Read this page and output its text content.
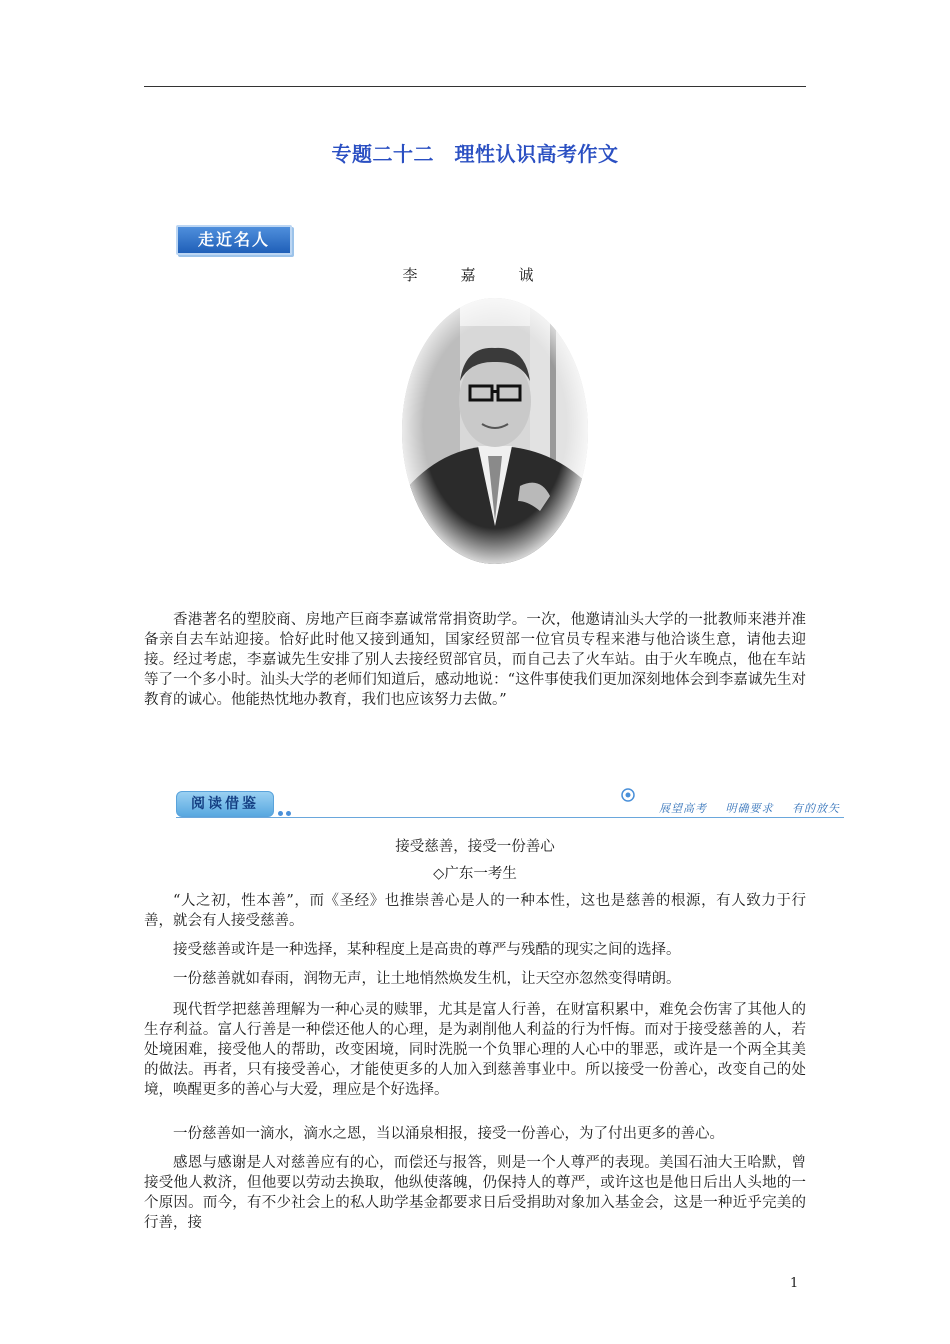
专题二十二　理性认识高考作文
走近名人
李　嘉　诚

香港著名的塑胶商、房地产巨商李嘉诚常常捐资助学。一次，他邀请汕头大学的一批教师来港并准备亲自去车站迎接。恰好此时他又接到通知，国家经贸部一位官员专程来港与他洽谈生意，请他去迎接。经过考虑，李嘉诚先生安排了别人去接经贸部官员，而自己去了火车站。由于火车晚点，他在车站等了一个多小时。汕头大学的老师们知道后，感动地说：“这件事使我们更加深刻地体会到李嘉诚先生对教育的诚心。他能热忱地办教育，我们也应该努力去做。”

阅读借鉴	展望高考 明确要求 有的放矢
接受慈善，接受一份善心
◇广东一考生

“人之初，性本善”，而《圣经》也推崇善心是人的一种本性，这也是慈善的根源，有人致力于行善，就会有人接受慈善。

接受慈善或许是一种选择，某种程度上是高贵的尊严与残酷的现实之间的选择。

一份慈善就如春雨，润物无声，让土地悄然焕发生机，让天空亦忽然变得晴朗。

现代哲学把慈善理解为一种心灵的赎罪，尤其是富人行善，在财富积累中，难免会伤害了其他人的生存利益。富人行善是一种偿还他人的心理，是为剥削他人利益的行为忏悔。而对于接受慈善的人，若处境困难，接受他人的帮助，改变困境，同时洗脱一个负罪心理的人心中的罪恶，或许是一个两全其美的做法。再者，只有接受善心，才能使更多的人加入到慈善事业中。所以接受一份善心，改变自己的处境，唤醒更多的善心与大爱，理应是个好选择。

一份慈善如一滴水，滴水之恩，当以涌泉相报，接受一份善心，为了付出更多的善心。

感恩与感谢是人对慈善应有的心，而偿还与报答，则是一个人尊严的表现。美国石油大王哈默，曾接受他人救济，但他要以劳动去换取，他纵使落魄，仍保持人的尊严，或许这也是他日后出人头地的一个原因。而今，有不少社会上的私人助学基金都要求日后受捐助对象加入基金会，这是一种近乎完美的行善，接

1
